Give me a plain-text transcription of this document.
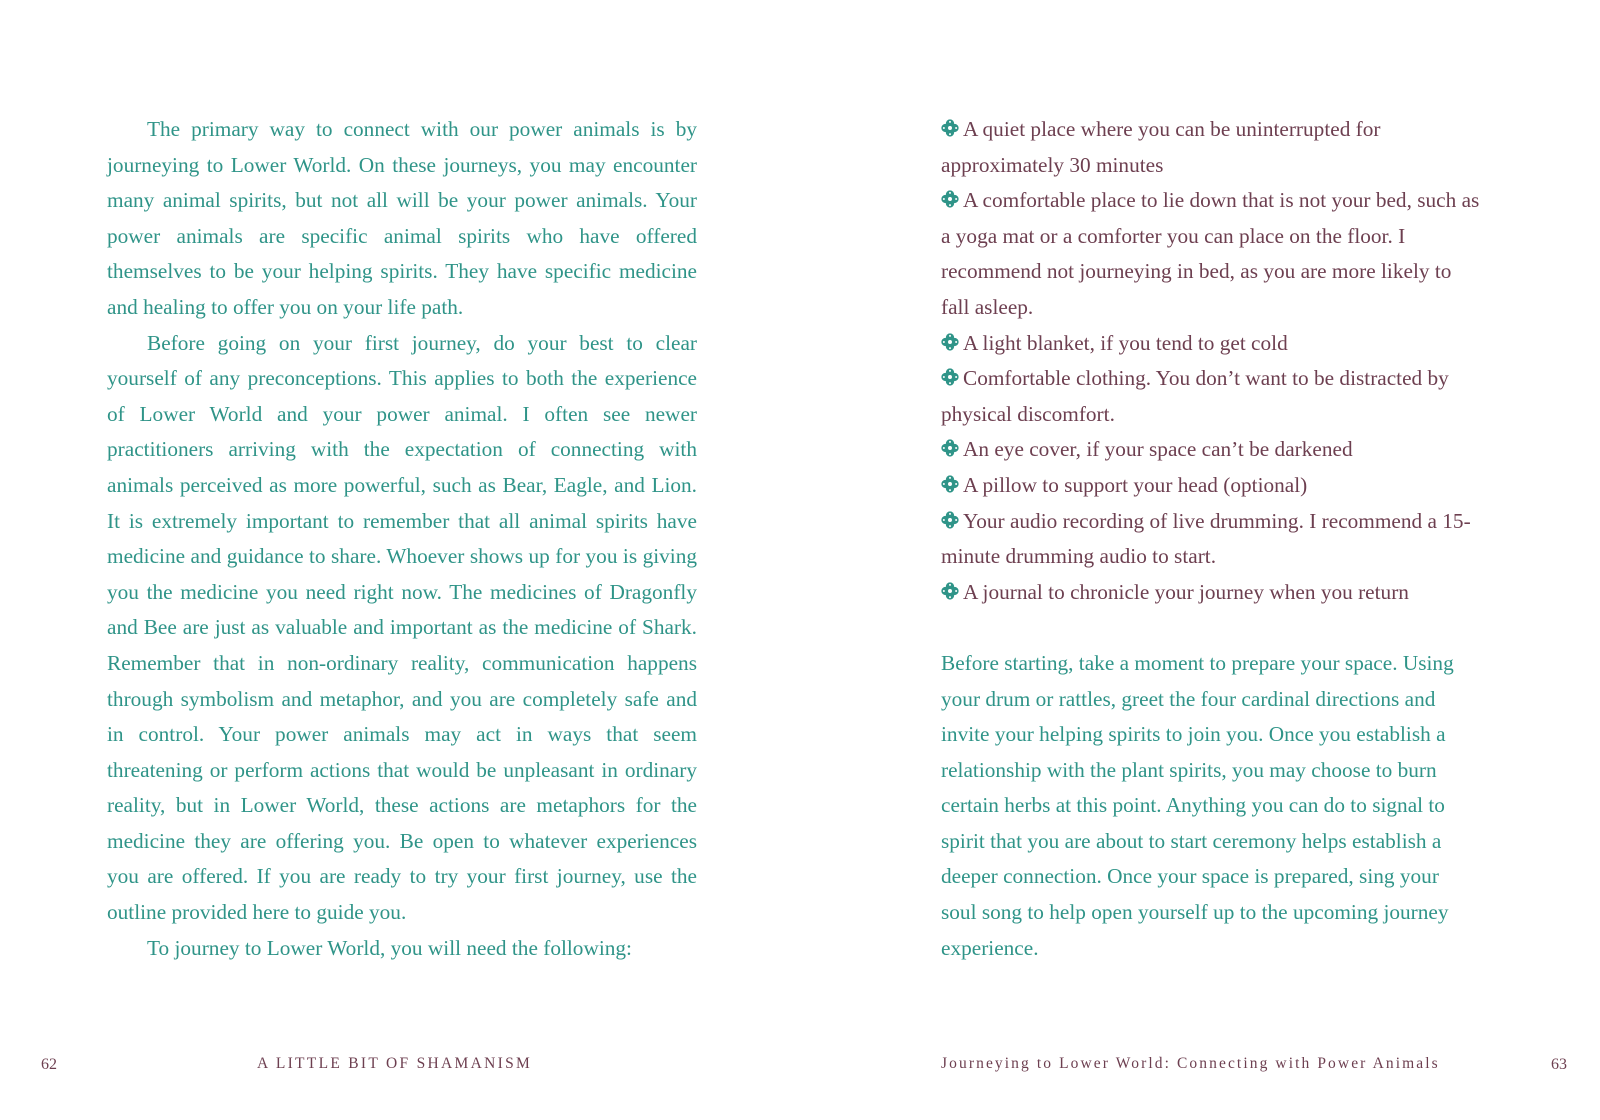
The primary way to connect with our power animals is by journeying to Lower World. On these journeys, you may encounter many animal spirits, but not all will be your power animals. Your power animals are specific animal spirits who have offered themselves to be your helping spirits. They have specific medicine and healing to offer you on your life path.

Before going on your first journey, do your best to clear yourself of any preconceptions. This applies to both the experience of Lower World and your power animal. I often see newer practitioners arriving with the expectation of connecting with animals perceived as more powerful, such as Bear, Eagle, and Lion. It is extremely important to remember that all animal spirits have medicine and guidance to share. Whoever shows up for you is giving you the medicine you need right now. The medicines of Dragonfly and Bee are just as valuable and important as the medicine of Shark. Remember that in non-ordinary reality, communication happens through symbolism and metaphor, and you are completely safe and in control. Your power animals may act in ways that seem threatening or perform actions that would be unpleasant in ordinary reality, but in Lower World, these actions are metaphors for the medicine they are offering you. Be open to whatever experiences you are offered. If you are ready to try your first journey, use the outline provided here to guide you.

To journey to Lower World, you will need the following:

62	A LITTLE BIT OF SHAMANISM
A quiet place where you can be uninterrupted for approximately 30 minutes
A comfortable place to lie down that is not your bed, such as a yoga mat or a comforter you can place on the floor. I recommend not journeying in bed, as you are more likely to fall asleep.
A light blanket, if you tend to get cold
Comfortable clothing. You don’t want to be distracted by physical discomfort.
An eye cover, if your space can’t be darkened
A pillow to support your head (optional)
Your audio recording of live drumming. I recommend a 15-minute drumming audio to start.
A journal to chronicle your journey when you return

Before starting, take a moment to prepare your space. Using your drum or rattles, greet the four cardinal directions and invite your helping spirits to join you. Once you establish a relationship with the plant spirits, you may choose to burn certain herbs at this point. Anything you can do to signal to spirit that you are about to start ceremony helps establish a deeper connection. Once your space is prepared, sing your soul song to help open yourself up to the upcoming journey experience.

Journeying to Lower World: Connecting with Power Animals	63
